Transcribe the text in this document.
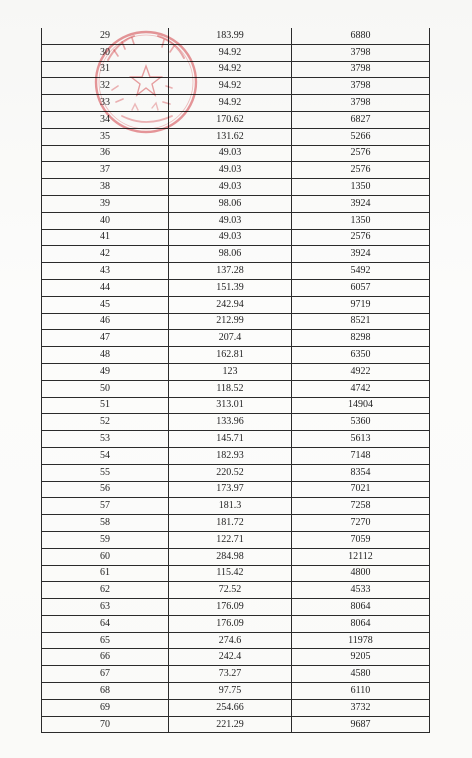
29	183.99	6880
30	94.92	3798
31	94.92	3798
32	94.92	3798
33	94.92	3798
34	170.62	6827
35	131.62	5266
36	49.03	2576
37	49.03	2576
38	49.03	1350
39	98.06	3924
40	49.03	1350
41	49.03	2576
42	98.06	3924
43	137.28	5492
44	151.39	6057
45	242.94	9719
46	212.99	8521
47	207.4	8298
48	162.81	6350
49	123	4922
50	118.52	4742
51	313.01	14904
52	133.96	5360
53	145.71	5613
54	182.93	7148
55	220.52	8354
56	173.97	7021
57	181.3	7258
58	181.72	7270
59	122.71	7059
60	284.98	12112
61	115.42	4800
62	72.52	4533
63	176.09	8064
64	176.09	8064
65	274.6	11978
66	242.4	9205
67	73.27	4580
68	97.75	6110
69	254.66	3732
70	221.29	9687
